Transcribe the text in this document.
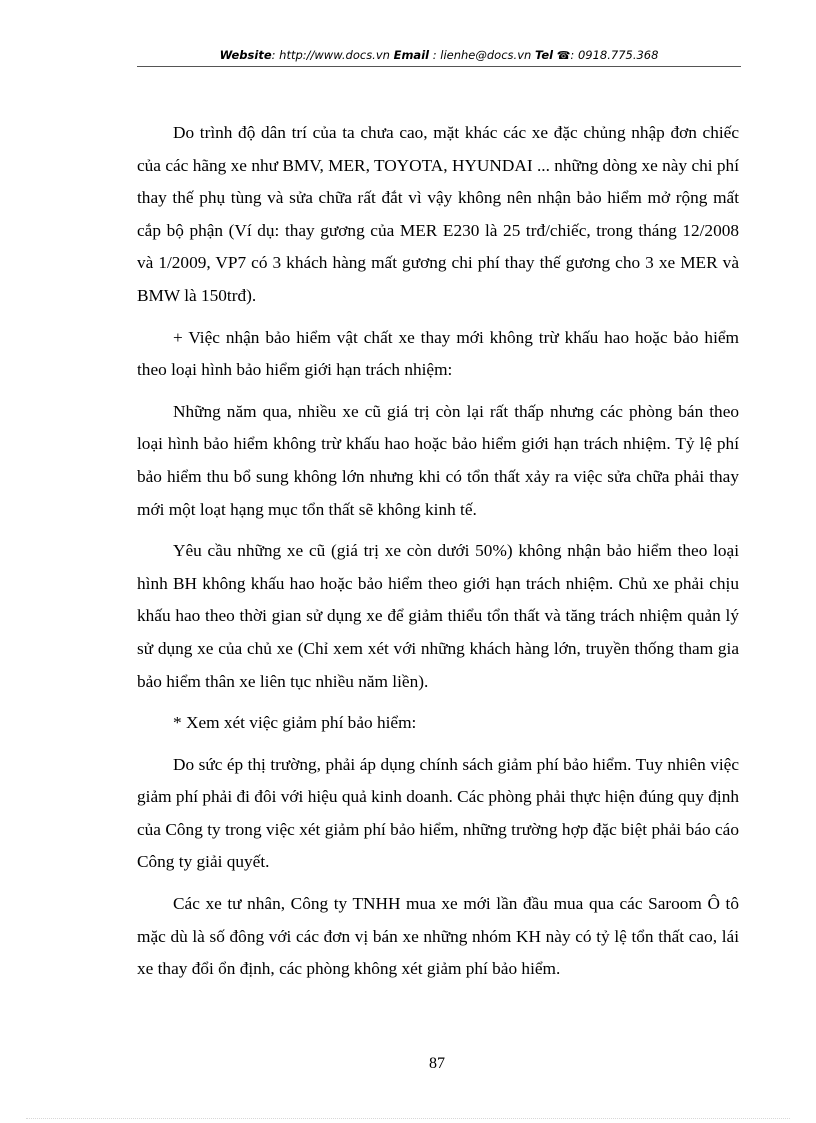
Website: http://www.docs.vn Email : lienhe@docs.vn Tel ☎: 0918.775.368

Do trình độ dân trí của ta chưa cao, mặt khác các xe đặc chủng nhập đơn chiếc của các hãng xe như BMV, MER, TOYOTA, HYUNDAI ... những dòng xe này chi phí thay thế phụ tùng và sửa chữa rất đắt vì vậy không nên nhận bảo hiểm mở rộng mất cắp bộ phận (Ví dụ: thay gương của MER E230 là 25 trđ/chiếc, trong tháng 12/2008 và 1/2009, VP7 có 3 khách hàng mất gương chi phí thay thế gương cho 3 xe MER và BMW là 150trđ).

+ Việc nhận bảo hiểm vật chất xe thay mới không trừ khấu hao hoặc bảo hiểm theo loại hình bảo hiểm giới hạn trách nhiệm:

Những năm qua, nhiều xe cũ giá trị còn lại rất thấp nhưng các phòng bán theo loại hình bảo hiểm không trừ khấu hao hoặc bảo hiểm giới hạn trách nhiệm. Tỷ lệ phí bảo hiểm thu bổ sung không lớn nhưng khi có tổn thất xảy ra việc sửa chữa phải thay mới một loạt hạng mục tổn thất sẽ không kinh tế.

Yêu cầu những xe cũ (giá trị xe còn dưới 50%) không nhận bảo hiểm theo loại hình BH không khấu hao hoặc bảo hiểm theo giới hạn trách nhiệm. Chủ xe phải chịu khấu hao theo thời gian sử dụng xe để giảm thiểu tổn thất và tăng trách nhiệm quản lý sử dụng xe của chủ xe (Chỉ xem xét với những khách hàng lớn, truyền thống tham gia bảo hiểm thân xe liên tục nhiều năm liền).

* Xem xét việc giảm phí bảo hiểm:

Do sức ép thị trường, phải áp dụng chính sách giảm phí bảo hiểm. Tuy nhiên việc giảm phí phải đi đôi với hiệu quả kinh doanh. Các phòng phải thực hiện đúng quy định của Công ty trong việc xét giảm phí bảo hiểm, những trường hợp đặc biệt phải báo cáo Công ty giải quyết.

Các xe tư nhân, Công ty TNHH mua xe mới lần đầu mua qua các Saroom Ô tô mặc dù là số đông với các đơn vị bán xe những nhóm KH này có tỷ lệ tổn thất cao, lái xe thay đổi ổn định, các phòng không xét giảm phí bảo hiểm.

87
